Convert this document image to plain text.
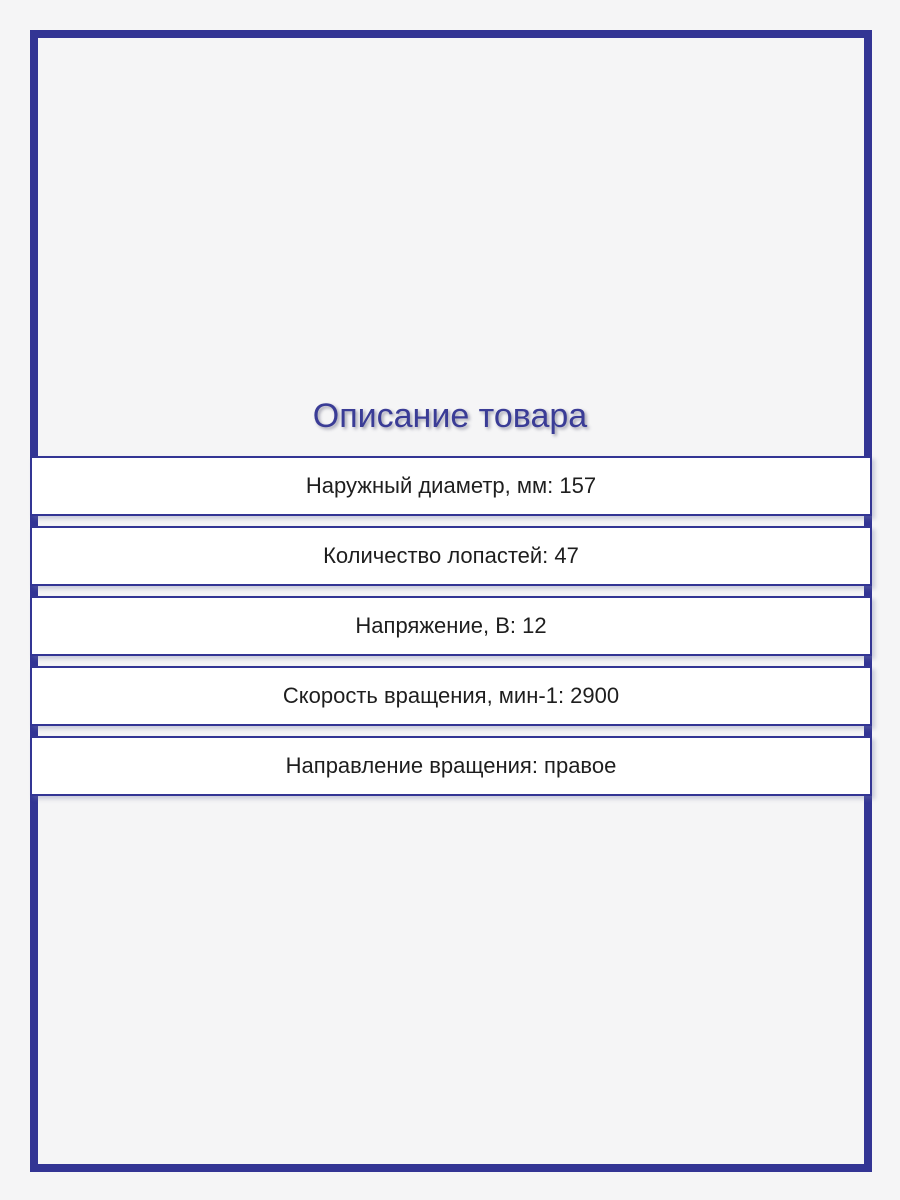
Описание товара
Наружный диаметр, мм : 157
Количество лопастей : 47
Напряжение, В : 12
Скорость вращения, мин-1 : 2900
Направление вращения : правое
